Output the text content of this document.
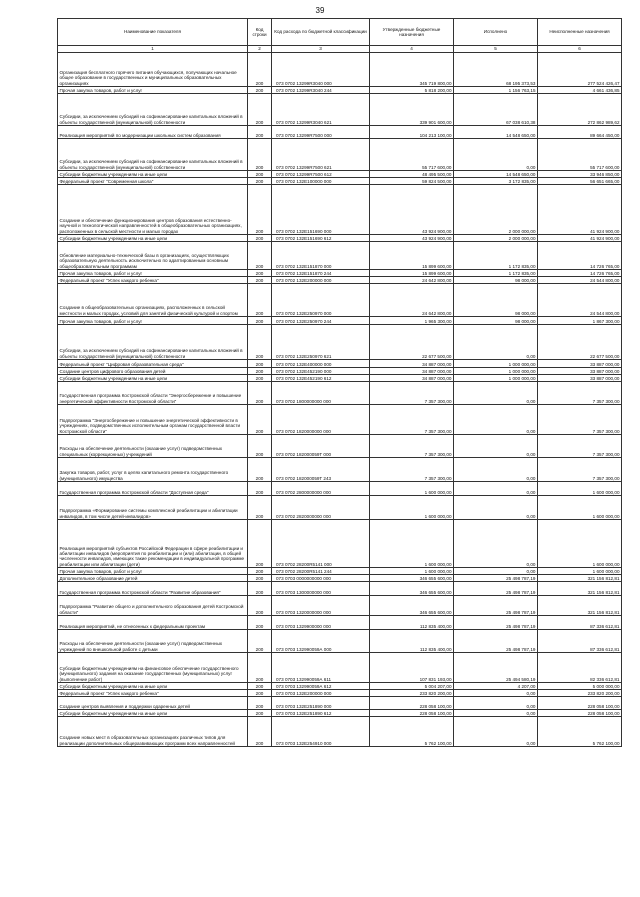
39
Наименование показателя	Код строки	Код расхода по бюджетной классификации	Утвержденные бюджетные назначения	Исполнено	Неисполненные назначения
1	2	3	4	5	6
Организация бесплатного горячего питания обучающихся, получающих начальное общее образование в государственных и муниципальных образовательных организациях	200	073 0702 13299R3040 000	345 719 800,00	68 195 373,53	277 524 426,47
Прочая закупка товаров, работ и услуг	200	073 0702 13299R3040 244	5 818 200,00	1 156 763,15	4 661 436,85
Субсидии, за исключением субсидий на софинансирование капитальных вложений в объекты государственной (муниципальной) собственности	200	073 0702 13299R3040 621	339 901 600,00	67 038 610,38	272 862 989,62
Реализация мероприятий по модернизации школьных систем образования	200	073 0702 13299R7500 000	104 213 100,00	14 548 650,00	89 664 450,00
Субсидии, за исключением субсидий на софинансирование капитальных вложений в объекты государственной (муниципальной) собственности	200	073 0702 13299R7500 621	55 717 600,00	0,00	55 717 600,00
Субсидии бюджетным учреждениям на иные цели	200	073 0702 13299R7500 612	48 495 500,00	14 548 650,00	33 946 850,00
Федеральный проект "Современная школа"	200	073 0702 132E100000 000	59 824 500,00	3 172 835,00	56 651 665,00
Создание и обеспечение функционирования центров образования естественно-научной и технологической направленностей в общеобразовательных организациях, расположенных в сельской местности и малых городах	200	073 0702 132E151690 000	43 924 900,00	2 000 000,00	41 924 900,00
Субсидии бюджетным учреждениям на иные цели	200	073 0702 132E151690 612	43 924 900,00	2 000 000,00	41 924 900,00
Обновление материально-технической базы в организациях, осуществляющих образовательную деятельность исключительно по адаптированным основным общеобразовательным программам	200	073 0702 132E151870 000	15 899 600,00	1 172 835,00	14 726 765,00
Прочая закупка товаров, работ и услуг	200	073 0702 132E151870 244	15 899 600,00	1 172 835,00	14 726 765,00
Федеральный проект "Успех каждого ребенка"	200	073 0702 132E200000 000	24 642 800,00	98 000,00	24 544 800,00
Создание в общеобразовательных организациях, расположенных в сельской местности и малых городах, условий для занятий физической культурой и спортом	200	073 0702 132E250970 000	24 642 800,00	98 000,00	24 544 800,00
Прочая закупка товаров, работ и услуг	200	073 0702 132E250970 244	1 965 300,00	98 000,00	1 867 300,00
Субсидии, за исключением субсидий на софинансирование капитальных вложений в объекты государственной (муниципальной) собственности	200	073 0702 132E250970 621	22 677 500,00	0,00	22 677 500,00
Федеральный проект "Цифровая образовательная среда"	200	073 0702 132E400000 000	34 887 000,00	1 000 000,00	33 887 000,00
Создание центров цифрового образования детей	200	073 0702 132E452190 000	34 887 000,00	1 000 000,00	33 887 000,00
Субсидии бюджетным учреждениям на иные цели	200	073 0702 132E452190 612	34 887 000,00	1 000 000,00	33 887 000,00
Государственная программа Костромской области "Энергосбережение и повышение энергетической эффективности Костромской области"	200	073 0702 1800000000 000	7 357 300,00	0,00	7 357 300,00
Подпрограмма "Энергосбережение и повышение энергетической эффективности в учреждениях, подведомственных исполнительным органам государственной власти Костромской области"	200	073 0702 1820000000 000	7 357 300,00	0,00	7 357 300,00
Расходы на обеспечение деятельности (оказание услуг) подведомственных специальных (коррекционных) учреждений	200	073 0702 182000059T 000	7 357 300,00	0,00	7 357 300,00
Закупка товаров, работ, услуг в целях капитального ремонта государственного (муниципального) имущества	200	073 0702 182000059T 243	7 357 300,00	0,00	7 357 300,00
Государственная программа Костромской области "Доступная среда"	200	073 0702 2800000000 000	1 600 000,00	0,00	1 600 000,00
Подпрограмма «Формирование системы комплексной реабилитации и абилитации инвалидов, в том числе детей-инвалидов»	200	073 0702 2820000000 000	1 600 000,00	0,00	1 600 000,00
Реализация мероприятий субъектов Российской Федерации в сфере реабилитации и абилитации инвалидов (мероприятия по реабилитации и (или) абилитации, в общей численности инвалидов, имеющих такие рекомендации в индивидуальной программе реабилитации или абилитации (дети)	200	073 0702 28200R5141 000	1 600 000,00	0,00	1 600 000,00
Прочая закупка товаров, работ и услуг	200	073 0702 28200R5141 244	1 600 000,00	0,00	1 600 000,00
Дополнительное образование детей	200	073 0703 0000000000 000	346 655 600,00	25 498 787,19	321 156 812,81
Государственная программа Костромской области "Развитие образования"	200	073 0703 1300000000 000	346 655 600,00	25 498 787,19	321 156 812,81
Подпрограмма "Развитие общего и дополнительного образования детей Костромской области"	200	073 0703 1320000000 000	346 655 600,00	25 498 787,19	321 156 812,81
Реализация мероприятий, не отнесенных к федеральным проектам	200	073 0703 1329900000 000	112 835 400,00	25 498 787,19	87 336 612,81
Расходы на обеспечение деятельности (оказание услуг) подведомственных учреждений по внешкольной работе с детьми	200	073 0703 132990059А 000	112 835 400,00	25 498 787,19	87 336 612,81
Субсидии бюджетным учреждениям на финансовое обеспечение государственного (муниципального) задания на оказание государственных (муниципальных) услуг (выполнение работ)	200	073 0703 132990059А 611	107 831 193,00	25 494 580,19	82 336 612,81
Субсидии бюджетным учреждениям на иные цели	200	073 0703 132990059А 612	5 004 207,00	4 207,00	5 000 000,00
Федеральный проект "Успех каждого ребенка"	200	073 0703 132E200000 000	233 820 200,00	0,00	233 820 200,00
Создание центров выявления и поддержки одаренных детей	200	073 0703 132E251890 000	228 058 100,00	0,00	228 058 100,00
Субсидии бюджетным учреждениям на иные цели	200	073 0703 132E251890 612	228 058 100,00	0,00	228 058 100,00
Создание новых мест в образовательных организациях различных типов для реализации дополнительных общеразвивающих программ всех направленностей	200	073 0703 132E254910 000	5 762 100,00	0,00	5 762 100,00
